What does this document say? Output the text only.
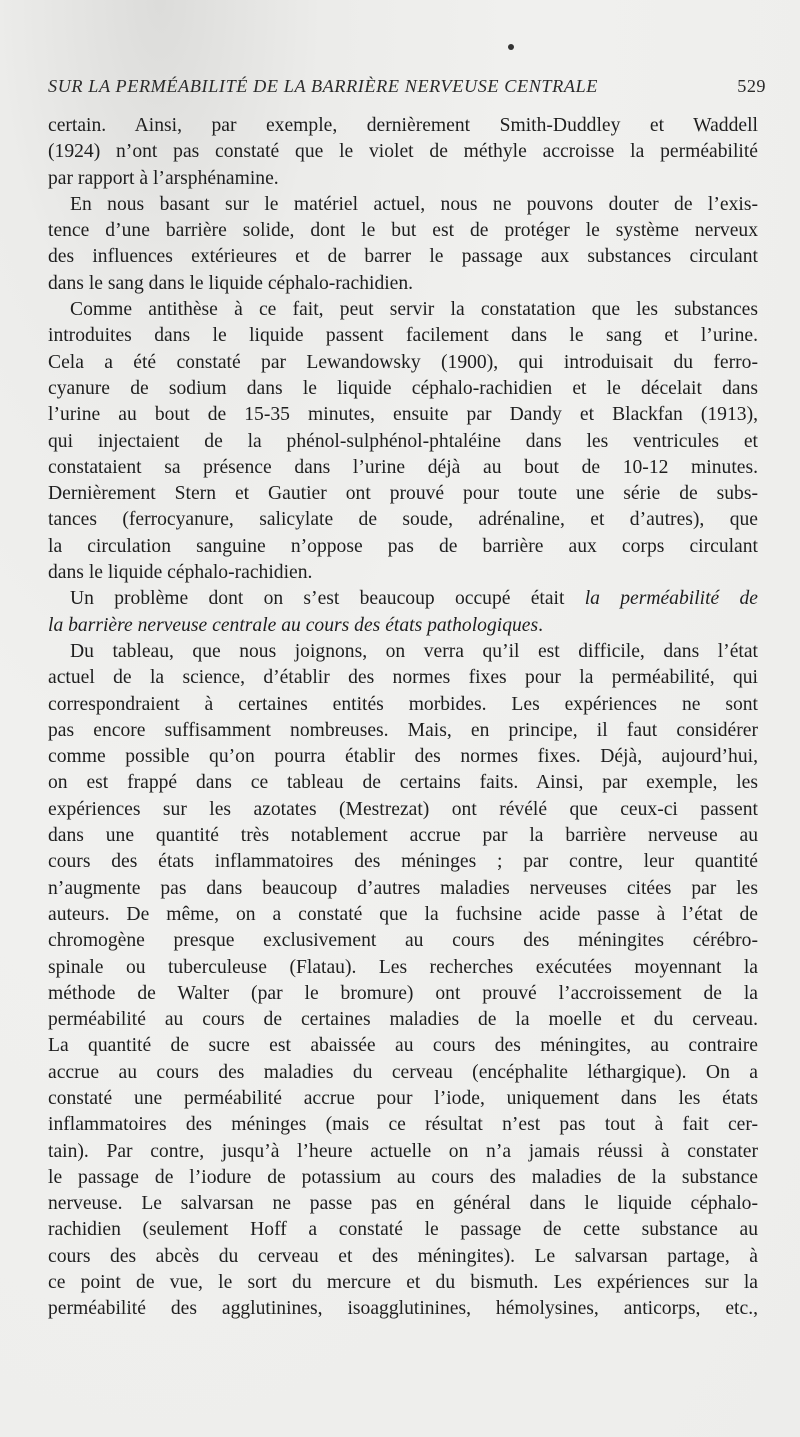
SUR LA PERMÉABILITÉ DE LA BARRIÈRE NERVEUSE CENTRALE	529

certain. Ainsi, par exemple, dernièrement Smith-Duddley et Waddell
(1924) n’ont pas constaté que le violet de méthyle accroisse la perméabilité
par rapport à l’arsphénamine.

En nous basant sur le matériel actuel, nous ne pouvons douter de l’exis-
tence d’une barrière solide, dont le but est de protéger le système nerveux
des influences extérieures et de barrer le passage aux substances circulant
dans le sang dans le liquide céphalo-rachidien.

Comme antithèse à ce fait, peut servir la constatation que les substances
introduites dans le liquide passent facilement dans le sang et l’urine.
Cela a été constaté par Lewandowsky (1900), qui introduisait du ferro-
cyanure de sodium dans le liquide céphalo-rachidien et le décelait dans
l’urine au bout de 15-35 minutes, ensuite par Dandy et Blackfan (1913),
qui injectaient de la phénol-sulphénol-phtaléine dans les ventricules et
constataient sa présence dans l’urine déjà au bout de 10-12 minutes.
Dernièrement Stern et Gautier ont prouvé pour toute une série de subs-
tances (ferrocyanure, salicylate de soude, adrénaline, et d’autres), que
la circulation sanguine n’oppose pas de barrière aux corps circulant
dans le liquide céphalo-rachidien.

Un problème dont on s’est beaucoup occupé était la perméabilité de
la barrière nerveuse centrale au cours des états pathologiques.

Du tableau, que nous joignons, on verra qu’il est difficile, dans l’état
actuel de la science, d’établir des normes fixes pour la perméabilité, qui
correspondraient à certaines entités morbides. Les expériences ne sont
pas encore suffisamment nombreuses. Mais, en principe, il faut considérer
comme possible qu’on pourra établir des normes fixes. Déjà, aujourd’hui,
on est frappé dans ce tableau de certains faits. Ainsi, par exemple, les
expériences sur les azotates (Mestrezat) ont révélé que ceux-ci passent
dans une quantité très notablement accrue par la barrière nerveuse au
cours des états inflammatoires des méninges ; par contre, leur quantité
n’augmente pas dans beaucoup d’autres maladies nerveuses citées par les
auteurs. De même, on a constaté que la fuchsine acide passe à l’état de
chromogène presque exclusivement au cours des méningites cérébro-
spinale ou tuberculeuse (Flatau). Les recherches exécutées moyennant la
méthode de Walter (par le bromure) ont prouvé l’accroissement de la
perméabilité au cours de certaines maladies de la moelle et du cerveau.
La quantité de sucre est abaissée au cours des méningites, au contraire
accrue au cours des maladies du cerveau (encéphalite léthargique). On a
constaté une perméabilité accrue pour l’iode, uniquement dans les états
inflammatoires des méninges (mais ce résultat n’est pas tout à fait cer-
tain). Par contre, jusqu’à l’heure actuelle on n’a jamais réussi à constater
le passage de l’iodure de potassium au cours des maladies de la substance
nerveuse. Le salvarsan ne passe pas en général dans le liquide céphalo-
rachidien (seulement Hoff a constaté le passage de cette substance au
cours des abcès du cerveau et des méningites). Le salvarsan partage, à
ce point de vue, le sort du mercure et du bismuth. Les expériences sur la
perméabilité des agglutinines, isoagglutinines, hémolysines, anticorps, etc.,
